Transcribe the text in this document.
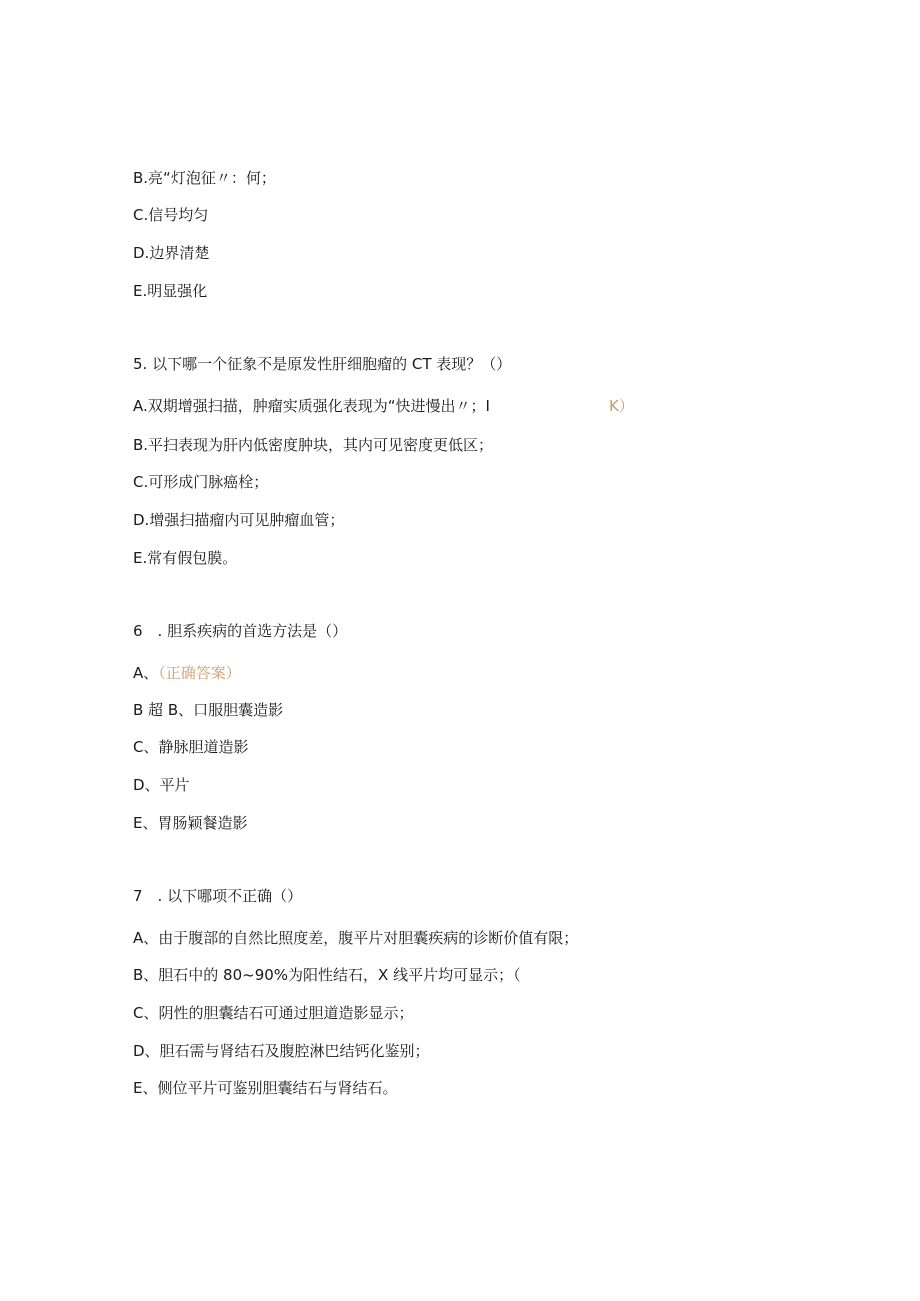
B.亮“灯泡征〃：何；
C.信号均匀
D.边界清楚
E.明显强化
5. 以下哪一个征象不是原发性肝细胞瘤的 CT 表现？（）
A.双期增强扫描，肿瘤实质强化表现为“快进慢出〃；I	K）
B.平扫表现为肝内低密度肿块，其内可见密度更低区；
C.可形成门脉癌栓；
D.增强扫描瘤内可见肿瘤血管；
E.常有假包膜。
6　. 胆系疾病的首选方法是（）
A、（正确答案）
B 超 B、口服胆囊造影
C、静脉胆道造影
D、平片
E、胃肠颖餐造影
7　. 以下哪项不正确（）
A、由于腹部的自然比照度差，腹平片对胆囊疾病的诊断价值有限；
B、胆石中的 80~90%为阳性结石，X 线平片均可显示；（
C、阴性的胆囊结石可通过胆道造影显示；
D、胆石需与肾结石及腹腔淋巴结钙化鉴别；
E、侧位平片可鉴别胆囊结石与肾结石。
